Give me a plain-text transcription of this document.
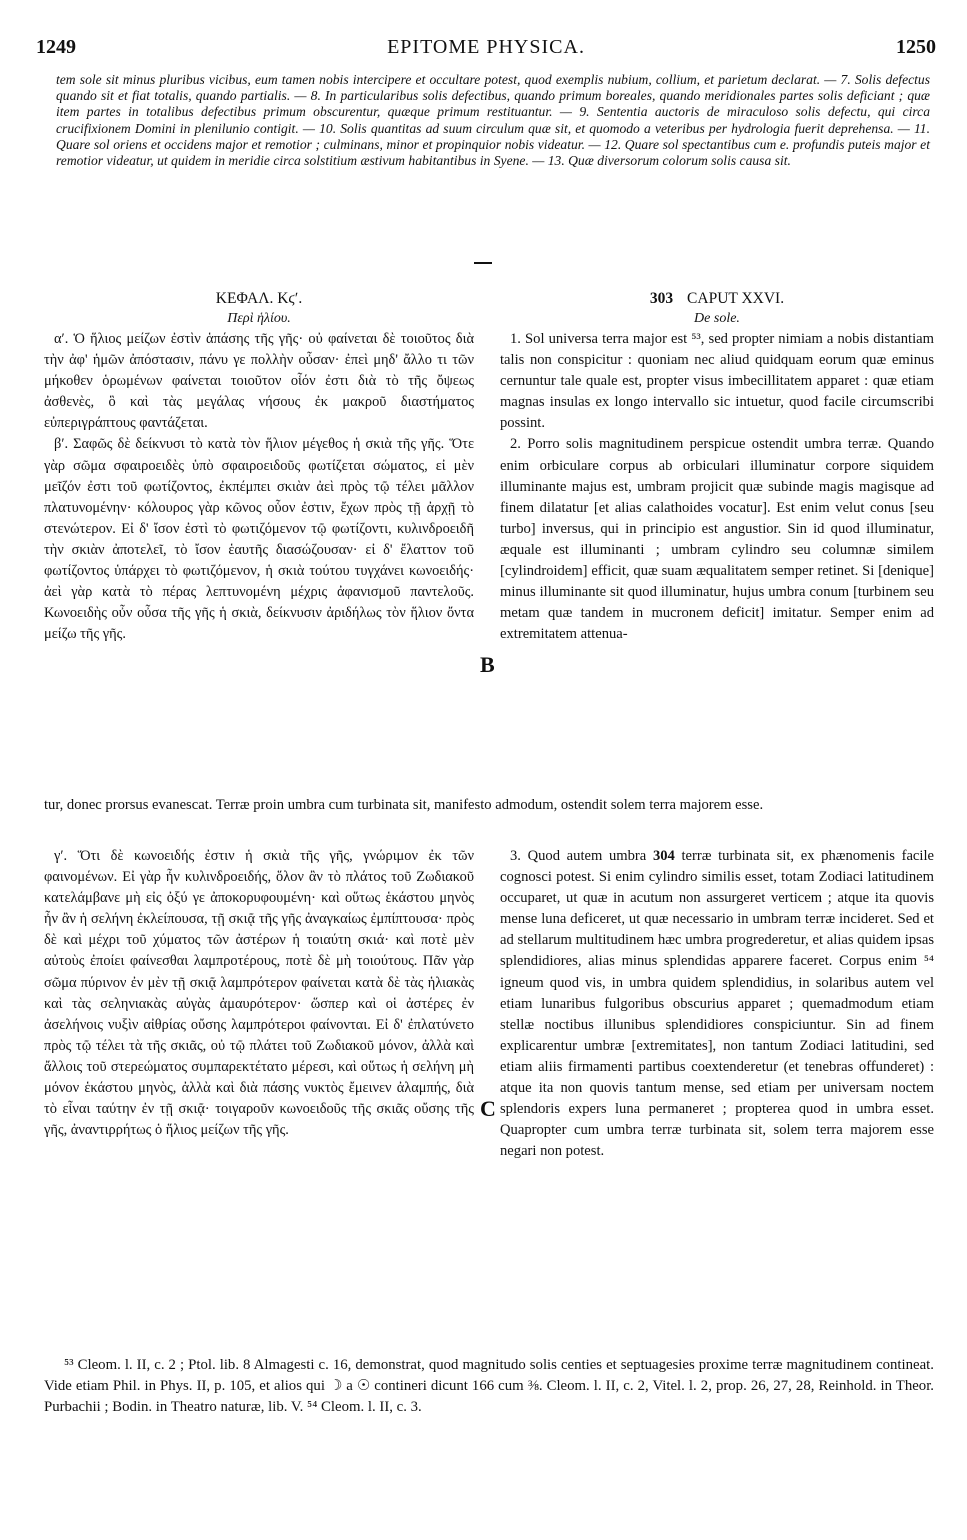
1249	EPITOME PHYSICA.	1250
tem sole sit minus pluribus vicibus, eum tamen nobis intercipere et occultare potest, quod exemplis nubium, collium, et parietum declarat. — 7. Solis defectus quando sit et fiat totalis, quando partialis. — 8. In particularibus solis defectibus, quando primum boreales, quando meridionales partes solis deficiant ; quæ item partes in totalibus defectibus primum obscurentur, quæque primum restituantur. — 9. Sententia auctoris de miraculoso solis defectu, qui circa crucifixionem Domini in plenilunio contigit. — 10. Solis quantitas ad suum circulum quæ sit, et quomodo a veteribus per hydrologia fuerit deprehensa. — 11. Quare sol oriens et occidens major et remotior ; culminans, minor et propinquior nobis videatur. — 12. Quare sol spectantibus cum e. profundis puteis major et remotior videatur, ut quidem in meridie circa solstitium æstivum habitantibus in Syene. — 13. Quæ diversorum colorum solis causa sit.
ΚΕΦΑΛ. Κϛʹ.
Περὶ ἡλίου.

αʹ. Ὁ ἥλιος μείζων ἐστὶν ἁπάσης τῆς γῆς· οὐ φαίνεται δὲ τοιοῦτος διὰ τὴν ἀφ' ἡμῶν ἀπόστασιν, πάνυ γε πολλὴν οὖσαν· ἐπεὶ μηδ' ἄλλο τι τῶν μήκοθεν ὁρωμένων φαίνεται τοιοῦτον οἷόν ἐστι διὰ τὸ τῆς ὄψεως ἀσθενὲς, ὃ καὶ τὰς μεγάλας νήσους ἐκ μακροῦ διαστήματος εὐπεριγράπτους φαντάζεται.

βʹ. Σαφῶς δὲ δείκνυσι τὸ κατὰ τὸν ἥλιον μέγεθος ἡ σκιὰ τῆς γῆς. Ὅτε γὰρ σῶμα σφαιροειδὲς ὑπὸ σφαιροειδοῦς φωτίζεται σώματος, εἰ μὲν μεῖζόν ἐστι τοῦ φωτίζοντος, ἐκπέμπει σκιὰν ἀεὶ πρὸς τῷ τέλει μᾶλλον πλατυνομένην· κόλουρος γὰρ κῶνος οὗον ἐστιν, ἔχων πρὸς τῇ ἀρχῇ τὸ στενώτερον. Εἰ δ' ἴσον ἐστὶ τὸ φωτιζόμενον τῷ φωτίζοντι, κυλινδροειδῆ τὴν σκιὰν ἀποτελεῖ, τὸ ἴσον ἑαυτῆς διασώζουσαν· εἰ δ' ἔλαττον τοῦ φωτίζοντος ὑπάρχει τὸ φωτιζόμενον, ἡ σκιὰ τούτου τυγχάνει κωνοειδής· ἀεὶ γὰρ κατὰ τὸ πέρας λεπτυνομένη μέχρις ἀφανισμοῦ παντελοῦς. Κωνοειδὴς οὖν οὖσα τῆς γῆς ἡ σκιὰ, δείκνυσιν ἀριδήλως τὸν ἥλιον ὄντα μείζω τῆς γῆς.

303 CAPUT XXVI.
De sole.

1. Sol universa terra major est ⁵³, sed propter nimiam a nobis distantiam talis non conspicitur : quoniam nec aliud quidquam eorum quæ eminus cernuntur tale quale est, propter visus imbecillitatem apparet : quæ etiam magnas insulas ex longo intervallo sic intuetur, quod facile circumscribi possint.

2. Porro solis magnitudinem perspicue ostendit umbra terræ. Quando enim orbiculare corpus ab orbiculari illuminatur corpore siquidem illuminante majus est, umbram projicit quæ subinde magis magisque ad finem dilatatur [et alias calathoides vocatur]. Est enim velut conus [seu turbo] inversus, qui in principio est angustior. Sin id quod illuminatur, æquale est illuminanti ; umbram cylindro seu columnæ similem [cylindroidem] efficit, quæ suam æqualitatem semper retinet. Si [denique] minus illuminante sit quod illuminatur, hujus umbra conum [turbinem seu metam quæ tandem in mucronem deficit] imitatur. Semper enim ad extremitatem attenua-

B
tur, donec prorsus evanescat. Terræ proin umbra cum turbinata sit, manifesto admodum, ostendit solem terra majorem esse.

γʹ. Ὅτι δὲ κωνοειδής ἐστιν ἡ σκιὰ τῆς γῆς, γνώριμον ἐκ τῶν φαινομένων. Εἰ γὰρ ἦν κυλινδροειδής, ὅλον ἂν τὸ πλάτος τοῦ Ζωδιακοῦ κατελάμβανε μὴ εἰς ὀξύ γε ἀποκορυφουμένη· καὶ οὕτως ἑκάστου μηνὸς ἦν ἂν ἡ σελήνη ἐκλείπουσα, τῇ σκιᾷ τῆς γῆς ἀναγκαίως ἐμπίπτουσα· πρὸς δὲ καὶ μέχρι τοῦ χύματος τῶν ἀστέρων ἡ τοιαύτη σκιά· καὶ ποτὲ μὲν αὐτοὺς ἐποίει φαίνεσθαι λαμπροτέρους, ποτὲ δὲ μὴ τοιούτους. Πᾶν γὰρ σῶμα πύρινον ἐν μὲν τῇ σκιᾷ λαμπρότερον φαίνεται κατὰ δὲ τὰς ἡλιακὰς καὶ τὰς σεληνιακὰς αὐγὰς ἀμαυρότερον· ὥσπερ καὶ οἱ ἀστέρες ἐν ἀσελήνοις νυξὶν αἰθρίας οὔσης λαμπρότεροι φαίνονται. Εἰ δ' ἐπλατύνετο πρὸς τῷ τέλει τὰ τῆς σκιᾶς, οὐ τῷ πλάτει τοῦ Ζωδιακοῦ μόνον, ἀλλὰ καὶ ἄλλοις τοῦ στερεώματος συμπαρεκτέτατο μέρεσι, καὶ οὕτως ἡ σελήνη μὴ μόνον ἑκάστου μηνὸς, ἀλλὰ καὶ διὰ πάσης νυκτὸς ἔμεινεν ἀλαμπής, διὰ τὸ εἶναι ταύτην ἐν τῇ σκιᾷ· τοιγαροῦν κωνοειδοῦς τῆς σκιᾶς οὔσης τῆς γῆς, ἀναντιρρήτως ὁ ἥλιος μείζων τῆς γῆς.

3. Quod autem umbra 304 terræ turbinata sit, ex phænomenis facile cognosci potest. Si enim cylindro similis esset, totam Zodiaci latitudinem occuparet, ut quæ in acutum non assurgeret verticem ; atque ita quovis mense luna deficeret, ut quæ necessario in umbram terræ incideret. Sed et ad stellarum multitudinem hæc umbra progrederetur, et alias quidem ipsas splendidiores, alias minus splendidas apparere faceret. Corpus enim ⁵⁴ igneum quod vis, in umbra quidem splendidius, in solaribus autem vel etiam lunaribus fulgoribus obscurius apparet ; quemadmodum etiam stellæ noctibus illunibus splendidiores conspiciuntur. Sin ad finem explicarentur umbræ [extremitates], non tantum Zodiaci latitudini, sed etiam aliis firmamenti partibus coextenderetur (et tenebras offunderet) : atque ita non quovis tantum mense, sed etiam per universam noctem splendoris expers luna permaneret ; propterea quod in umbra esset. Quapropter cum umbra terræ turbinata sit, solem terra majorem esse negari non potest.

C

⁵³ Cleom. l. II, c. 2 ; Ptol. lib. 8 Almagesti c. 16, demonstrat, quod magnitudo solis centies et septuagesies proxime terræ magnitudinem contineat. Vide etiam Phil. in Phys. II, p. 105, et alios qui ☽ a ☉ contineri dicunt 166 cum ⅜. Cleom. l. II, c. 2, Vitel. l. 2, prop. 26, 27, 28, Reinhold. in Theor. Purbachii ; Bodin. in Theatro naturæ, lib. V. ⁵⁴ Cleom. l. II, c. 3.
